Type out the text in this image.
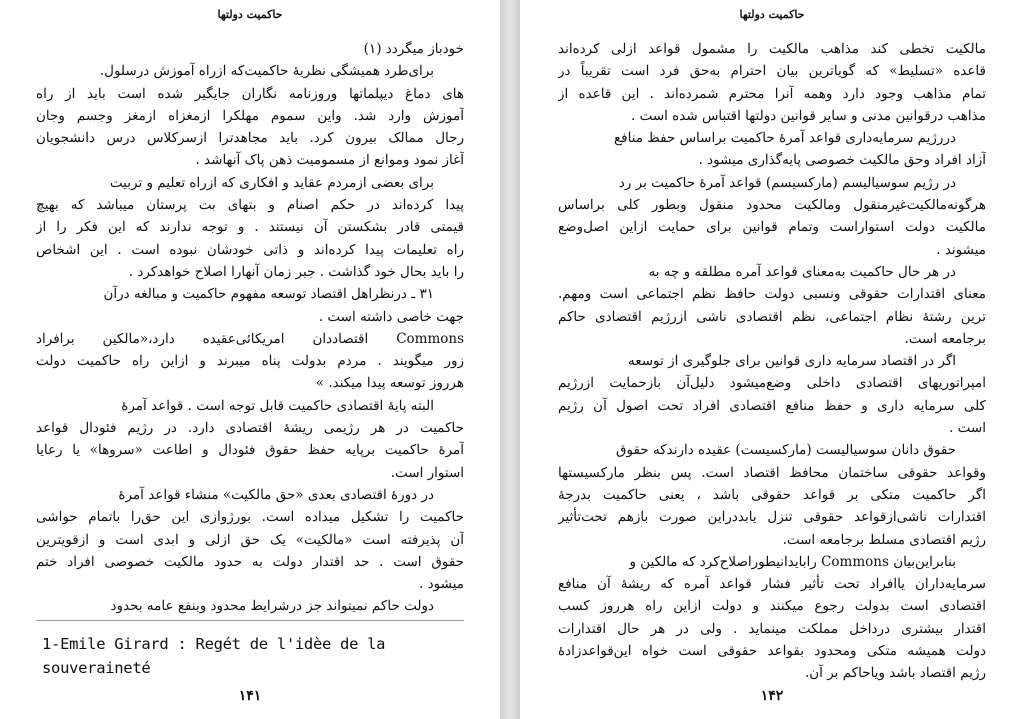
حاکمیت دولتها
خودباز میگردد (۱)
برای‌طرد همیشگی نظریهٔ حاکمیت‌که ازراه آموزش درسلول.
های دماغ دیپلماتها وروزنامه نگاران جایگیر شده است باید از راه
آموزش وارد شد. واین سموم مهلکرا ازمغزاه ازمغز وجسم وجان
رجال ممالک بیرون کرد. باید مجاهدترا ازسرکلاس درس دانشجویان
آغاز نمود وموانع از مسمومیت ذهن پاک آنهاشد .
برای بعضی ازمردم عقاید و افکاری که ازراه تعلیم و تربیت
پیدا کرده‌اند در حکم اصنام و بتهای بت پرستان میباشد که بهیچ
قیمتی قادر بشکستن آن نیستند . و توجه ندارند که این فکر را از
راه تعلیمات پیدا کرده‌اند و ذاتی خودشان نبوده است . این اشخاص
را باید بحال خود گذاشت . جبر زمان آنهارا اصلاح خواهدکرد .
۳۱ ـ درنظراهل اقتصاد توسعه مفهوم حاکمیت و مبالغه درآن
جهت خاصی داشته است .
Commons اقتصاددان امریکائی‌عقیده دارد،«مالکین برافراد
زور میگویند . مردم بدولت پناه میبرند و ازاین راه حاکمیت دولت
هرروز توسعه پیدا میکند. »
البته پایهٔ اقتصادی حاکمیت قابل توجه است . قواعد آمرهٔ
حاکمیت در هر رژیمی ریشهٔ اقتصادی دارد. در رژیم فئودال قواعد
آمرهٔ حاکمیت برپایه حفظ حقوق فئودال و اطاعت «سروها» یا رعایا
استوار است.
در دورهٔ اقتصادی بعدی «حق مالکیت» منشاء قواعد آمرهٔ
حاکمیت را تشکیل میداده است. بورژوازی این حق‌را باتمام حواشی
آن پذیرفته است «مالکیت» یک حق ازلی و ابدی است و ازقویترین
حقوق است . حد اقتدار دولت به حدود مالکیت خصوصی افراد ختم
میشود .
دولت حاکم نمیتواند جز درشرایط محدود وبنفع عامه بحدود
1-Emile Girard : Regét de l'idèe de la
souveraineté
۱۴۱
حاکمیت دولتها
مالکیت تخطی کند مذاهب مالکیت را مشمول قواعد ازلی کرده‌اند
قاعده «تسلیط» که گویاترین بیان احترام به‌حق فرد است تقریباً در
تمام مذاهب وجود دارد وهمه آنرا محترم شمرده‌اند . این قاعده از
مذاهب درقوانین مدنی و سایر قوانین دولتها اقتباس شده است .
دررژیم سرمایه‌داری قواعد آمرهٔ حاکمیت براساس حفظ منافع
آزاد افراد وحق مالکیت خصوصی پایه‌گذاری میشود .
در رژیم سوسیالیسم (مارکسیسم) قواعد آمرهٔ حاکمیت بر رد
هرگونه‌مالکیت‌غیرمنقول ومالکیت محدود منقول وبطور کلی براساس
مالکیت دولت استواراست وتمام قوانین برای حمایت ازاین اصل‌وضع
میشوند .
در هر حال حاکمیت به‌معنای قواعد آمره مطلقه و چه به
معنای اقتدارات حقوقی ونسبی دولت حافظ نظم اجتماعی است ومهم.
ترین رشتهٔ نظام اجتماعی، نظم اقتصادی ناشی ازرژیم اقتصادی حاکم
برجامعه است.
اگر در اقتصاد سرمایه داری قوانین برای جلوگیری از توسعه
امپراتوریهای اقتصادی داخلی وضع‌میشود دلیل‌آن بازحمایت ازرژیم
کلی سرمایه داری و حفظ منافع اقتصادی افراد تحت اصول آن رژیم
است .
حقوق دانان سوسیالیست (مارکسیست) عقیده دارندکه حقوق
وقواعد حقوقی ساختمان محافظ اقتصاد است. پس بنظر مارکسیستها
اگر حاکمیت متکی بر قواعد حقوقی باشد ، یعنی حاکمیت بدرجهٔ
اقتدارات ناشی‌ازقواعد حقوقی تنزل یابددراین صورت بازهم تحت‌تأثیر
رژیم اقتصادی مسلط برجامعه است.
بنابراین‌بیان Commons رابایدانیطوراصلاح‌کرد که مالکین و
سرمایه‌داران یاافراد تحت تأثیر فشار قواعد آمره که ریشهٔ آن منافع
اقتصادی است بدولت رجوع میکنند و دولت ازاین راه هرروز کسب
اقتدار بیشتری درداخل مملکت مینماید . ولی در هر حال اقتدارات
دولت همیشه متکی ومحدود بقواعد حقوقی است خواه این‌قواعدزادهٔ
رژیم اقتصاد باشد وياحاکم بر آن.
۱۴۲
